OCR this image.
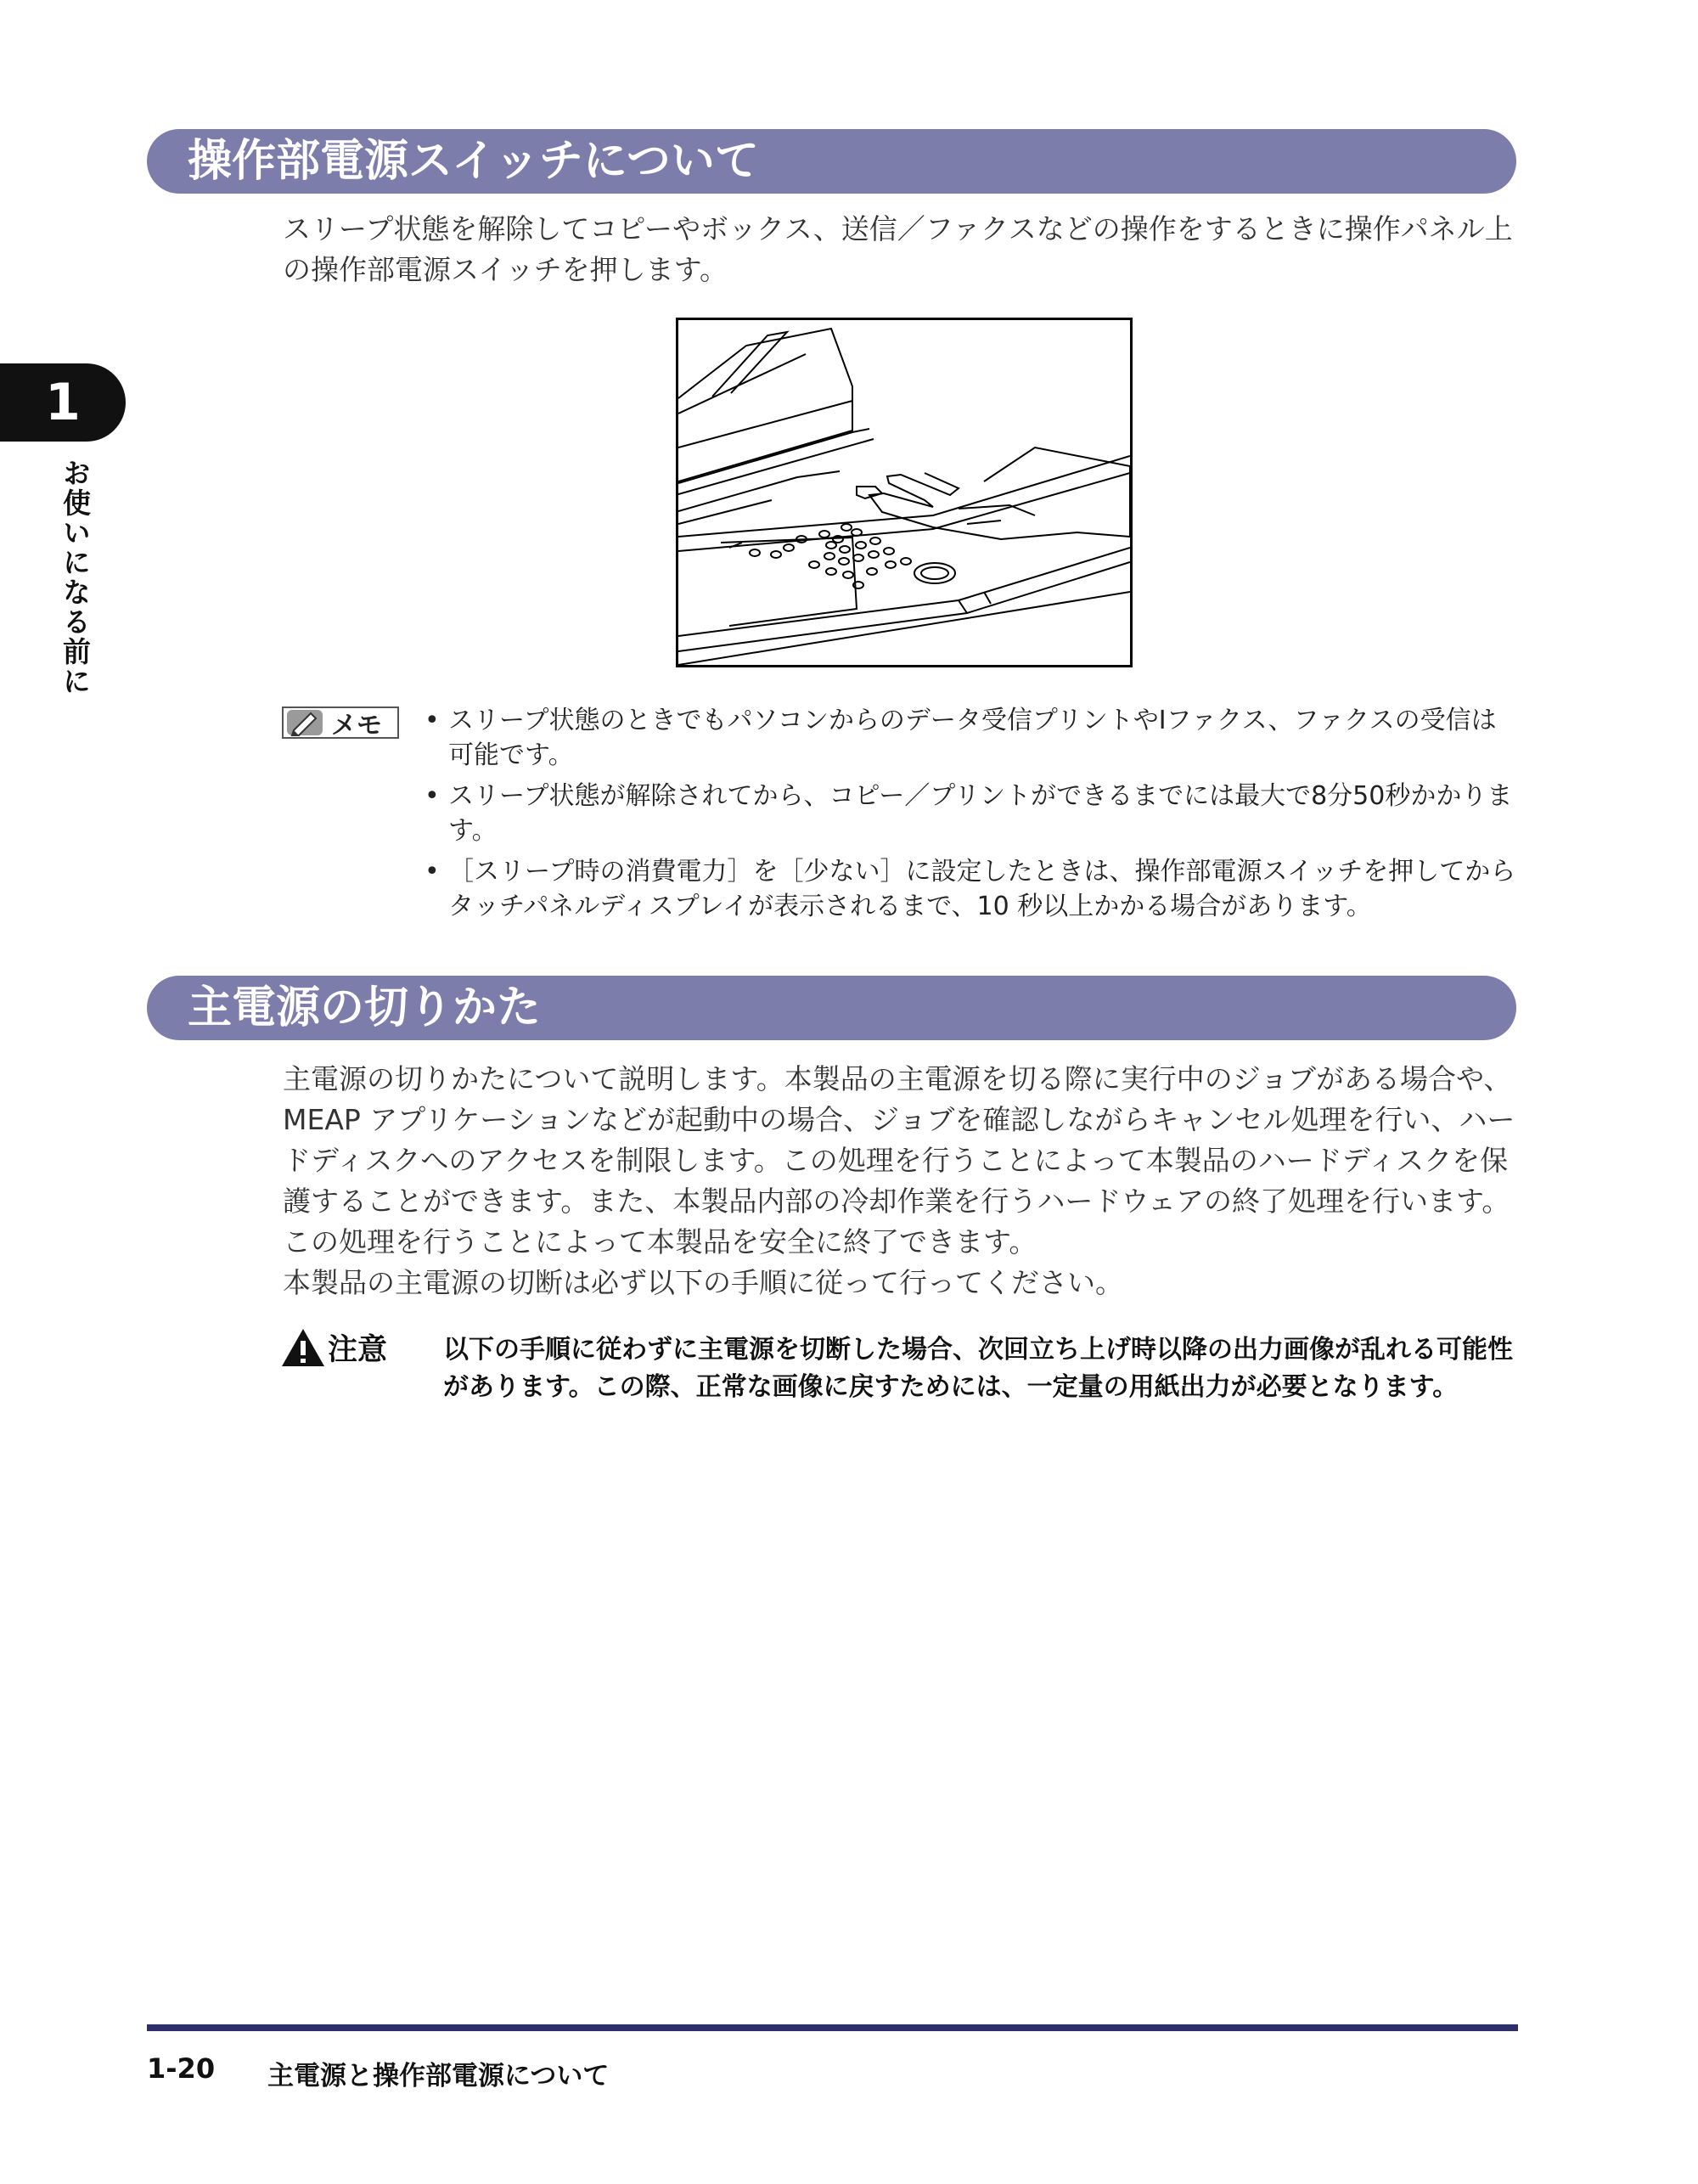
1
お使いになる前に
操作部電源スイッチについて

スリープ状態を解除してコピーやボックス、送信／ファクスなどの操作をするときに操作パネル上の操作部電源スイッチを押します。

メモ
•	スリープ状態のときでもパソコンからのデータ受信プリントやIファクス、ファクスの受信は可能です。
• スリープ状態が解除されてから、コピー／プリントができるまでには最大で8分50秒かかります。
• ［スリープ時の消費電力］を［少ない］に設定したときは、操作部電源スイッチを押してからタッチパネルディスプレイが表示されるまで、10 秒以上かかる場合があります。
主電源の切りかた

主電源の切りかたについて説明します。本製品の主電源を切る際に実行中のジョブがある場合や、MEAP アプリケーションなどが起動中の場合、ジョブを確認しながらキャンセル処理を行い、ハードディスクへのアクセスを制限します。この処理を行うことによって本製品のハードディスクを保護することができます。また、本製品内部の冷却作業を行うハードウェアの終了処理を行います。この処理を行うことによって本製品を安全に終了できます。

本製品の主電源の切断は必ず以下の手順に従って行ってください。

注意 以下の手順に従わずに主電源を切断した場合、次回立ち上げ時以降の出力画像が乱れる可能性があります。この際、正常な画像に戻すためには、一定量の用紙出力が必要となります。

1-20 主電源と操作部電源について
